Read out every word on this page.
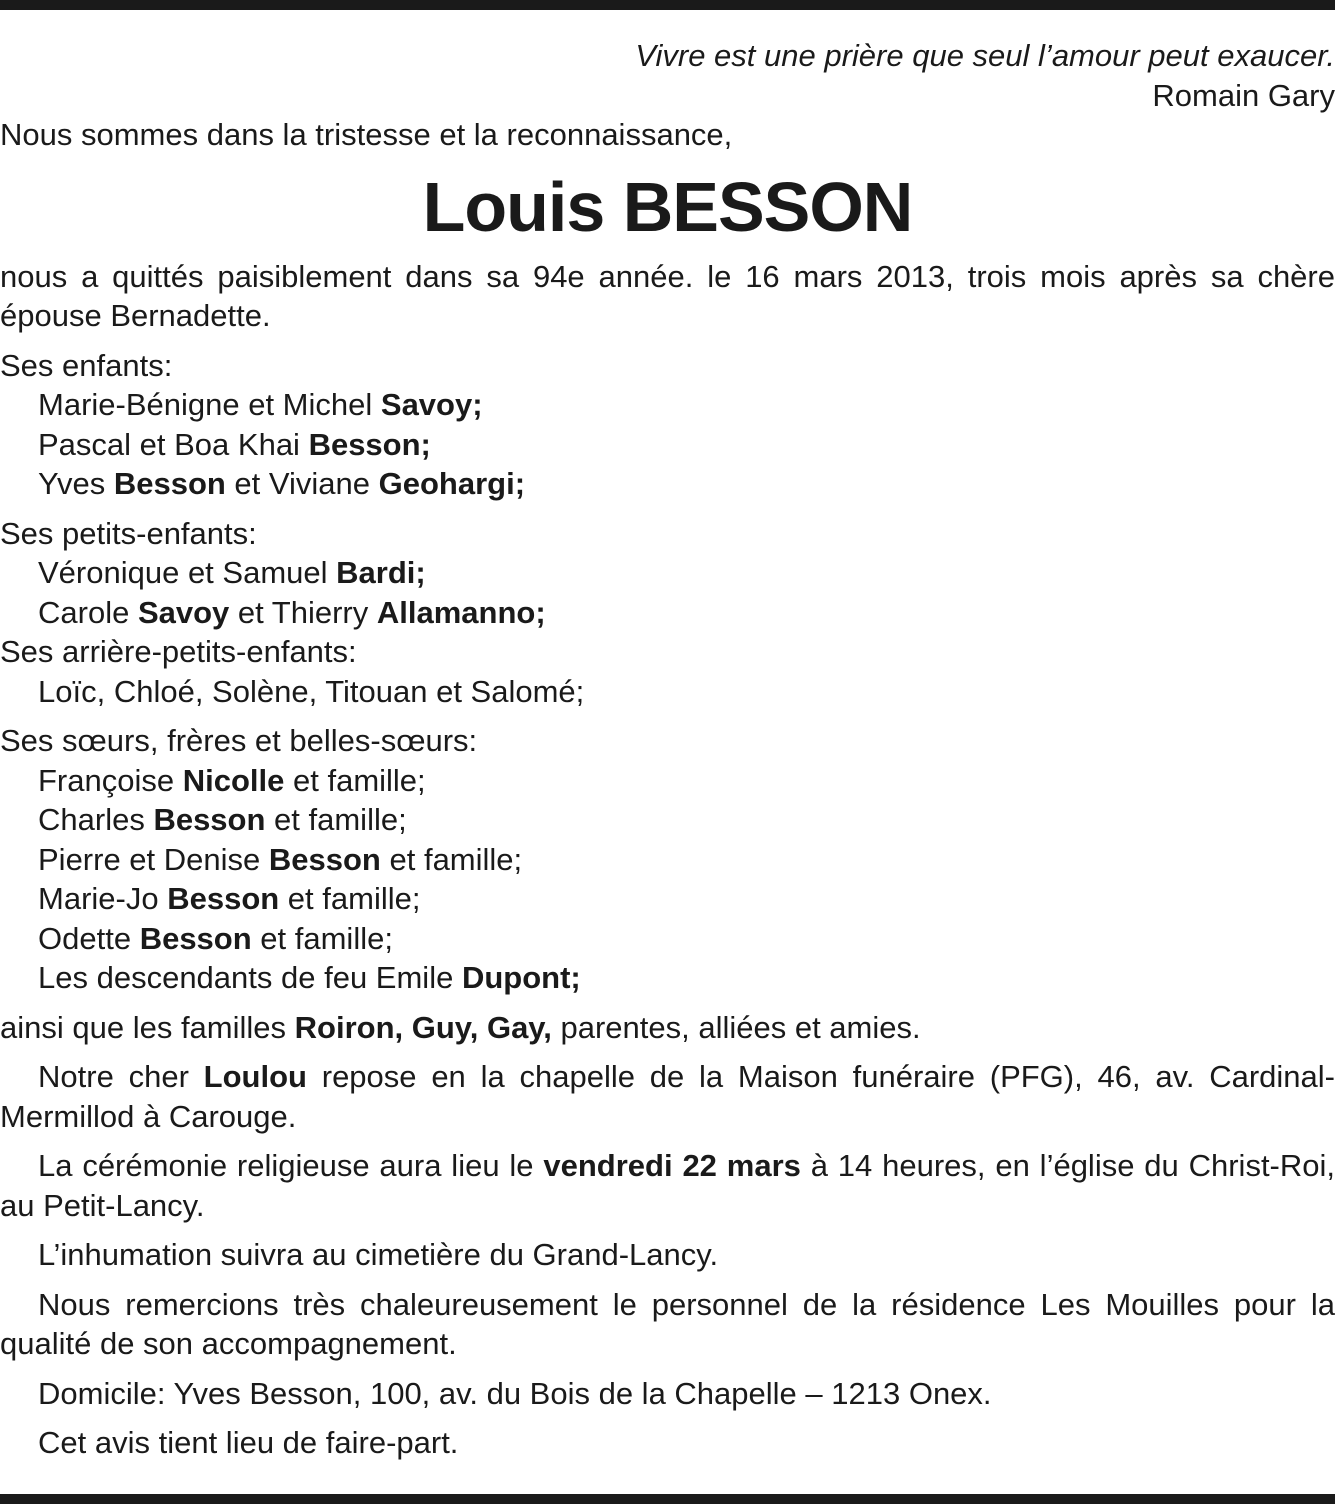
Vivre est une prière que seul l’amour peut exaucer.
Romain Gary
Nous sommes dans la tristesse et la reconnaissance,
Louis BESSON
nous a quittés paisiblement dans sa 94e année. le 16 mars 2013, trois mois après sa chère épouse Bernadette.
Ses enfants:
Marie-Bénigne et Michel Savoy;
Pascal et Boa Khai Besson;
Yves Besson et Viviane Geohargi;
Ses petits-enfants:
Véronique et Samuel Bardi;
Carole Savoy et Thierry Allamanno;
Ses arrière-petits-enfants:
Loïc, Chloé, Solène, Titouan et Salomé;
Ses sœurs, frères et belles-sœurs:
Françoise Nicolle et famille;
Charles Besson et famille;
Pierre et Denise Besson et famille;
Marie-Jo Besson et famille;
Odette Besson et famille;
Les descendants de feu Emile Dupont;
ainsi que les familles Roiron, Guy, Gay, parentes, alliées et amies.
Notre cher Loulou repose en la chapelle de la Maison funéraire (PFG), 46, av. Cardinal-Mermillod à Carouge.
La cérémonie religieuse aura lieu le vendredi 22 mars à 14 heures, en l’église du Christ-Roi, au Petit-Lancy.
L’inhumation suivra au cimetière du Grand-Lancy.
Nous remercions très chaleureusement le personnel de la résidence Les Mouilles pour la qualité de son accompagnement.
Domicile: Yves Besson, 100, av. du Bois de la Chapelle – 1213 Onex.
Cet avis tient lieu de faire-part.
